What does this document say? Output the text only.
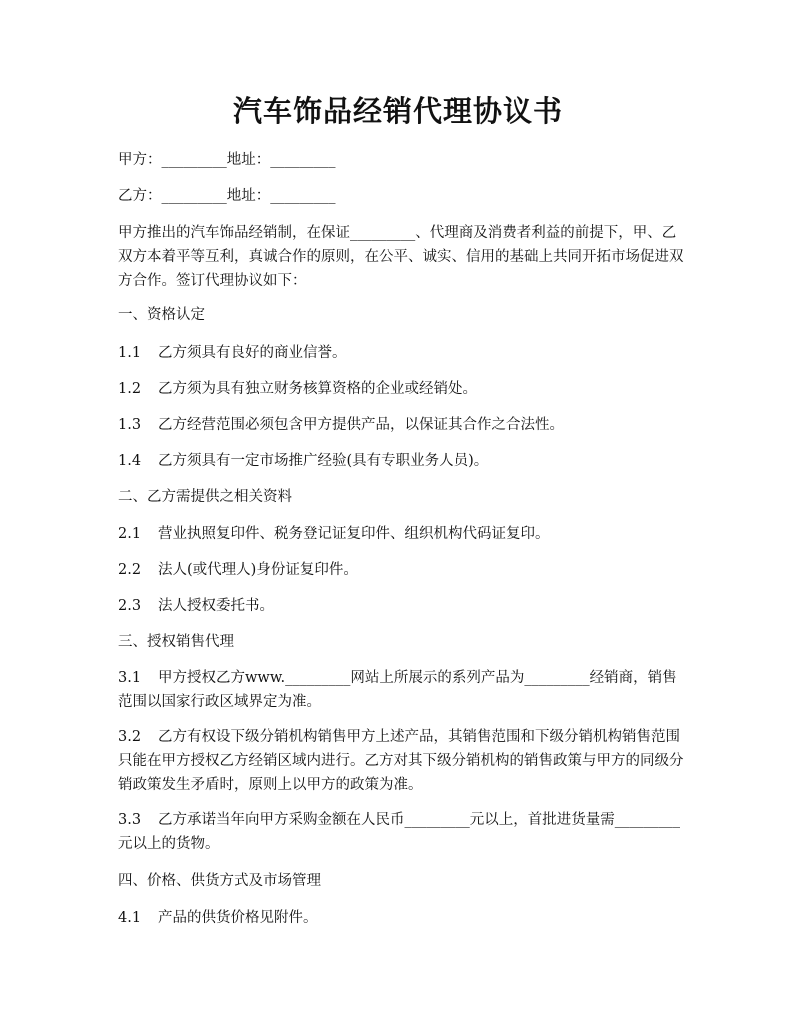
汽车饰品经销代理协议书
甲方：_________地址：_________
乙方：_________地址：_________
甲方推出的汽车饰品经销制，在保证_________、代理商及消费者利益的前提下，甲、乙双方本着平等互利，真诚合作的原则，在公平、诚实、信用的基础上共同开拓市场促进双方合作。签订代理协议如下：
一、资格认定
1.1 乙方须具有良好的商业信誉。
1.2 乙方须为具有独立财务核算资格的企业或经销处。
1.3 乙方经营范围必须包含甲方提供产品，以保证其合作之合法性。
1.4 乙方须具有一定市场推广经验(具有专职业务人员)。
二、乙方需提供之相关资料
2.1 营业执照复印件、税务登记证复印件、组织机构代码证复印。
2.2 法人(或代理人)身份证复印件。
2.3 法人授权委托书。
三、授权销售代理
3.1 甲方授权乙方www._________网站上所展示的系列产品为_________经销商，销售范围以国家行政区域界定为准。
3.2 乙方有权设下级分销机构销售甲方上述产品，其销售范围和下级分销机构销售范围只能在甲方授权乙方经销区域内进行。乙方对其下级分销机构的销售政策与甲方的同级分销政策发生矛盾时，原则上以甲方的政策为准。
3.3 乙方承诺当年向甲方采购金额在人民币_________元以上，首批进货量需_________元以上的货物。
四、价格、供货方式及市场管理
4.1 产品的供货价格见附件。
